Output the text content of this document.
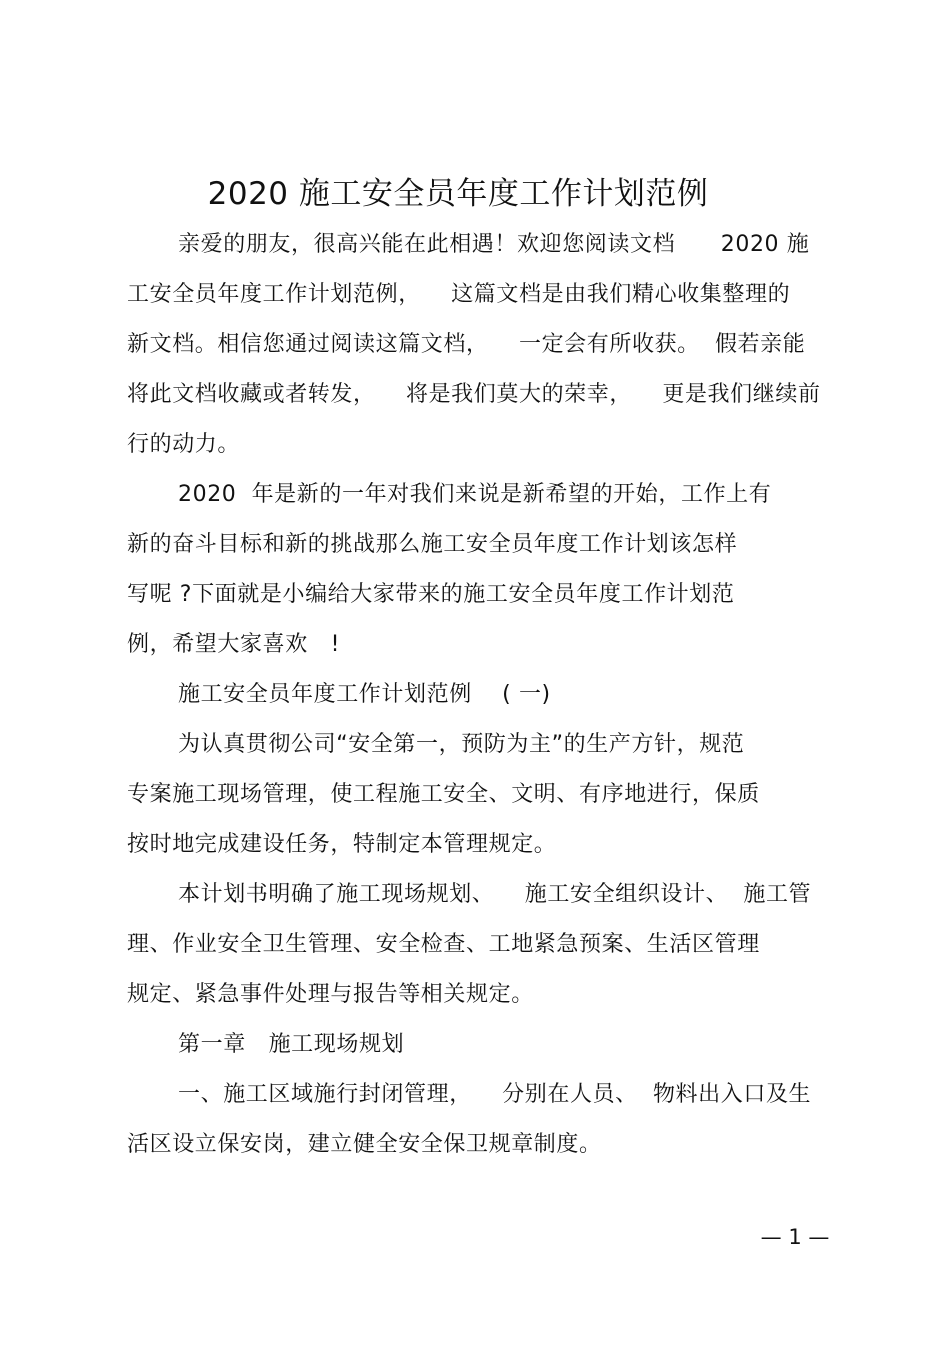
2020 施工安全员年度工作计划范例
亲爱的朋友，很高兴能在此相遇！欢迎您阅读文档      2020 施
工安全员年度工作计划范例，    这篇文档是由我们精心收集整理的
新文档。相信您通过阅读这篇文档，    一定会有所收获。  假若亲能
将此文档收藏或者转发，    将是我们莫大的荣幸，    更是我们继续前
行的动力。
2020  年是新的一年对我们来说是新希望的开始，工作上有
新的奋斗目标和新的挑战那么施工安全员年度工作计划该怎样
写呢 ?下面就是小编给大家带来的施工安全员年度工作计划范
例，希望大家喜欢   !
施工安全员年度工作计划范例    ( 一)
为认真贯彻公司“安全第一，预防为主”的生产方针，规范
专案施工现场管理，使工程施工安全、文明、有序地进行，保质
按时地完成建设任务，特制定本管理规定。
本计划书明确了施工现场规划、    施工安全组织设计、  施工管
理、作业安全卫生管理、安全检查、工地紧急预案、生活区管理
规定、紧急事件处理与报告等相关规定。
第一章   施工现场规划
一、施工区域施行封闭管理，    分别在人员、  物料出入口及生
活区设立保安岗，建立健全安全保卫规章制度。
— 1 —
